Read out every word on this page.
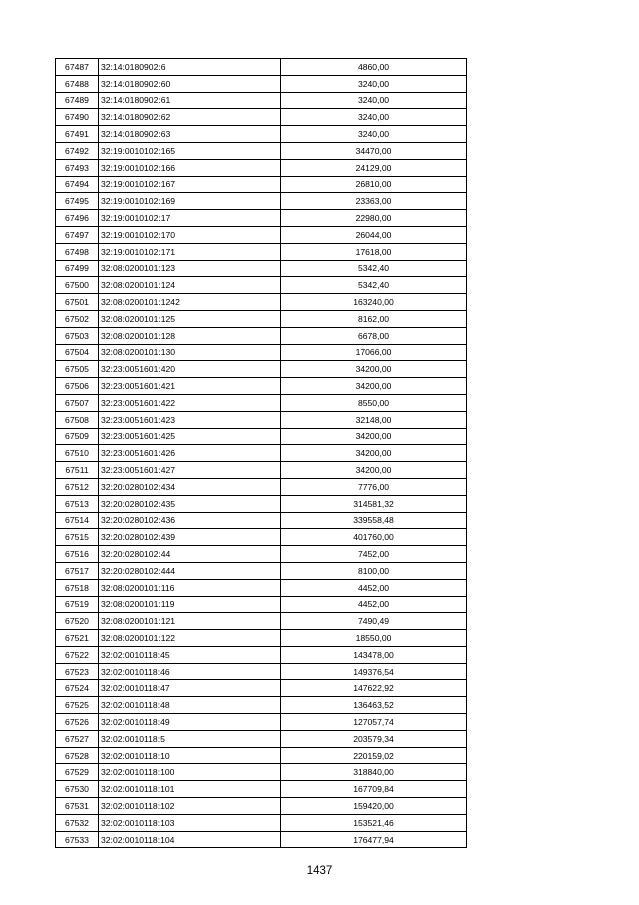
67487	32:14:0180902:6	4860,00
67488	32:14:0180902:60	3240,00
67489	32:14:0180902:61	3240,00
67490	32:14:0180902:62	3240,00
67491	32:14:0180902:63	3240,00
67492	32:19:0010102:165	34470,00
67493	32:19:0010102:166	24129,00
67494	32:19:0010102:167	26810,00
67495	32:19:0010102:169	23363,00
67496	32:19:0010102:17	22980,00
67497	32:19:0010102:170	26044,00
67498	32:19:0010102:171	17618,00
67499	32:08:0200101:123	5342,40
67500	32:08:0200101:124	5342,40
67501	32:08:0200101:1242	163240,00
67502	32:08:0200101:125	8162,00
67503	32:08:0200101:128	6678,00
67504	32:08:0200101:130	17066,00
67505	32:23:0051601:420	34200,00
67506	32:23:0051601:421	34200,00
67507	32:23:0051601:422	8550,00
67508	32:23:0051601:423	32148,00
67509	32:23:0051601:425	34200,00
67510	32:23:0051601:426	34200,00
67511	32:23:0051601:427	34200,00
67512	32:20:0280102:434	7776,00
67513	32:20:0280102:435	314581,32
67514	32:20:0280102:436	339558,48
67515	32:20:0280102:439	401760,00
67516	32:20:0280102:44	7452,00
67517	32:20:0280102:444	8100,00
67518	32:08:0200101:116	4452,00
67519	32:08:0200101:119	4452,00
67520	32:08:0200101:121	7490,49
67521	32:08:0200101:122	18550,00
67522	32:02:0010118:45	143478,00
67523	32:02:0010118:46	149376,54
67524	32:02:0010118:47	147622,92
67525	32:02:0010118:48	136463,52
67526	32:02:0010118:49	127057,74
67527	32:02:0010118:5	203579,34
67528	32:02:0010118:10	220159,02
67529	32:02:0010118:100	318840,00
67530	32:02:0010118:101	167709,84
67531	32:02:0010118:102	159420,00
67532	32:02:0010118:103	153521,46
67533	32:02:0010118:104	176477,94
1437
